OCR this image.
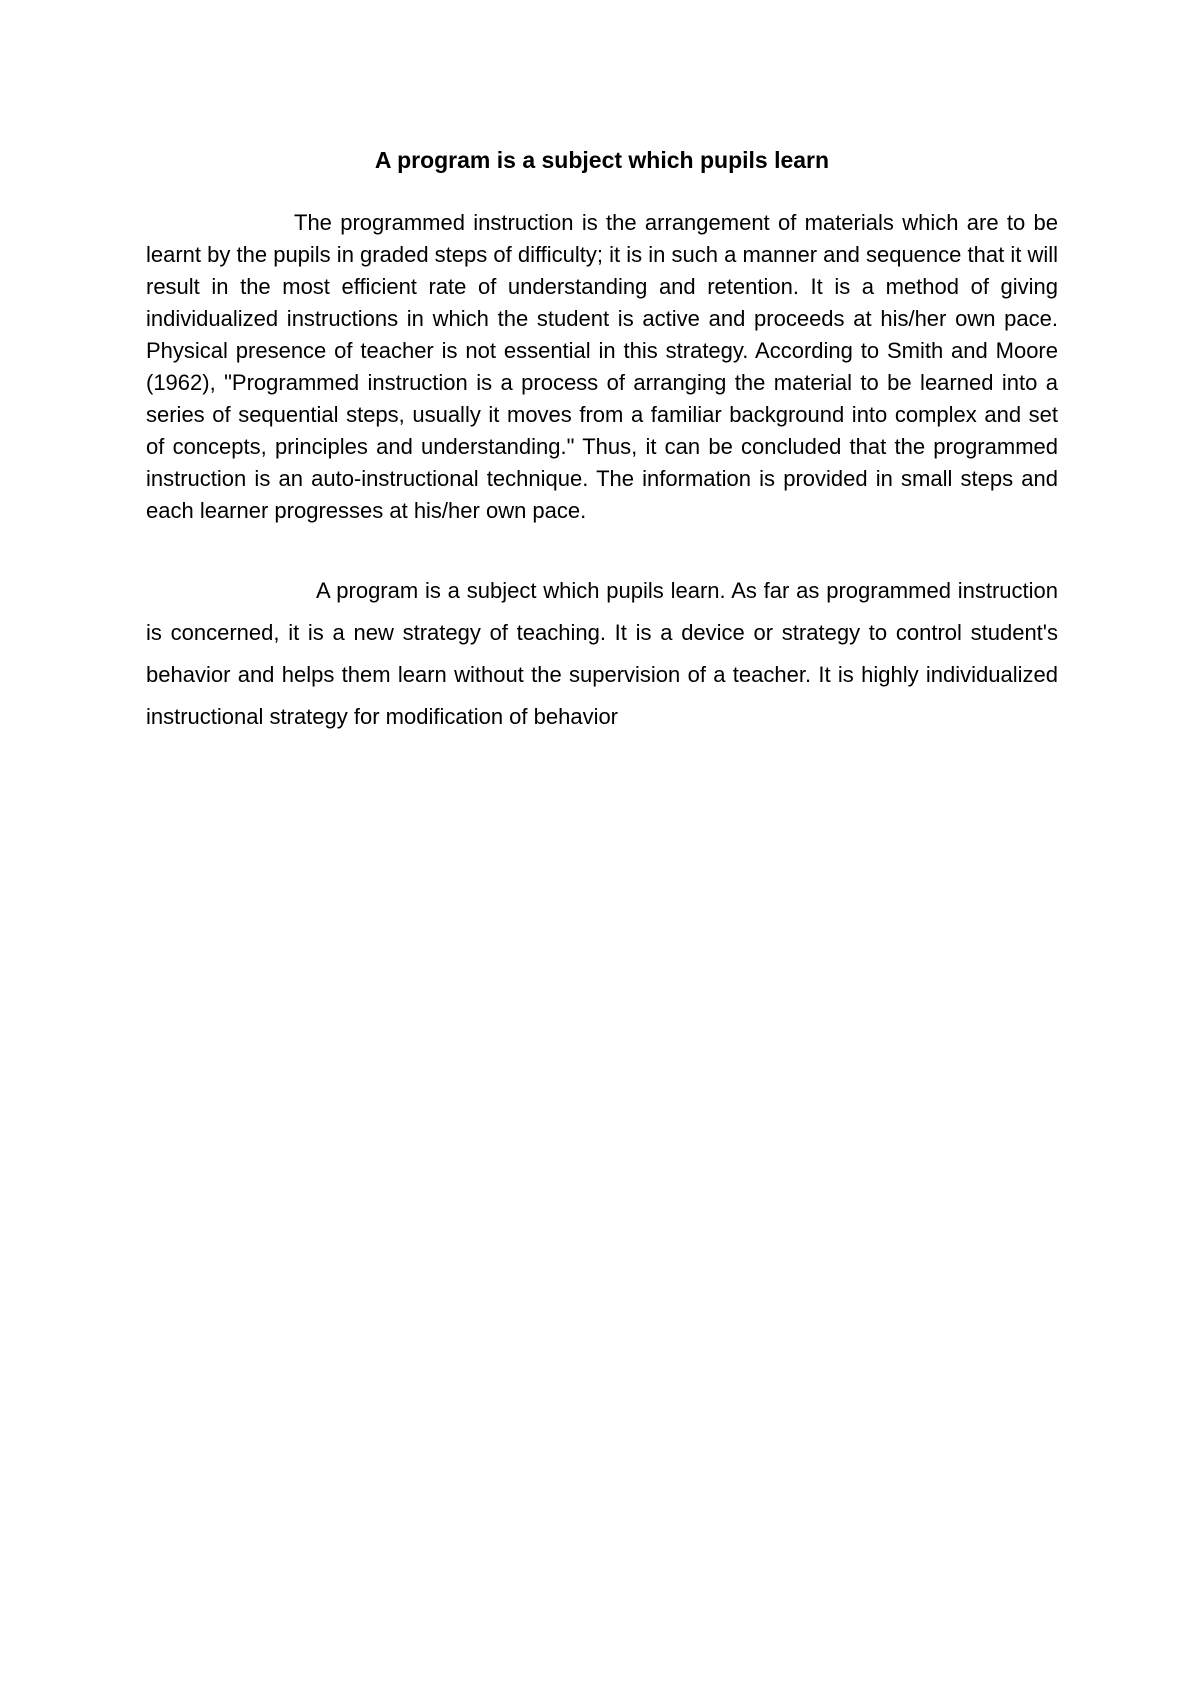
A program is a subject which pupils learn

The programmed instruction is the arrangement of materials which are to be learnt by the pupils in graded steps of difficulty; it is in such a manner and sequence that it will result in the most efficient rate of understanding and retention. It is a method of giving individualized instructions in which the student is active and proceeds at his/her own pace. Physical presence of teacher is not essential in this strategy. According to Smith and Moore (1962), "Programmed instruction is a process of arranging the material to be learned into a series of sequential steps, usually it moves from a familiar background into complex and set of concepts, principles and understanding." Thus, it can be concluded that the programmed instruction is an auto-instructional technique. The information is provided in small steps and each learner progresses at his/her own pace.

A program is a subject which pupils learn. As far as programmed instruction is concerned, it is a new strategy of teaching. It is a device or strategy to control student's behavior and helps them learn without the supervision of a teacher. It is highly individualized instructional strategy for modification of behavior
